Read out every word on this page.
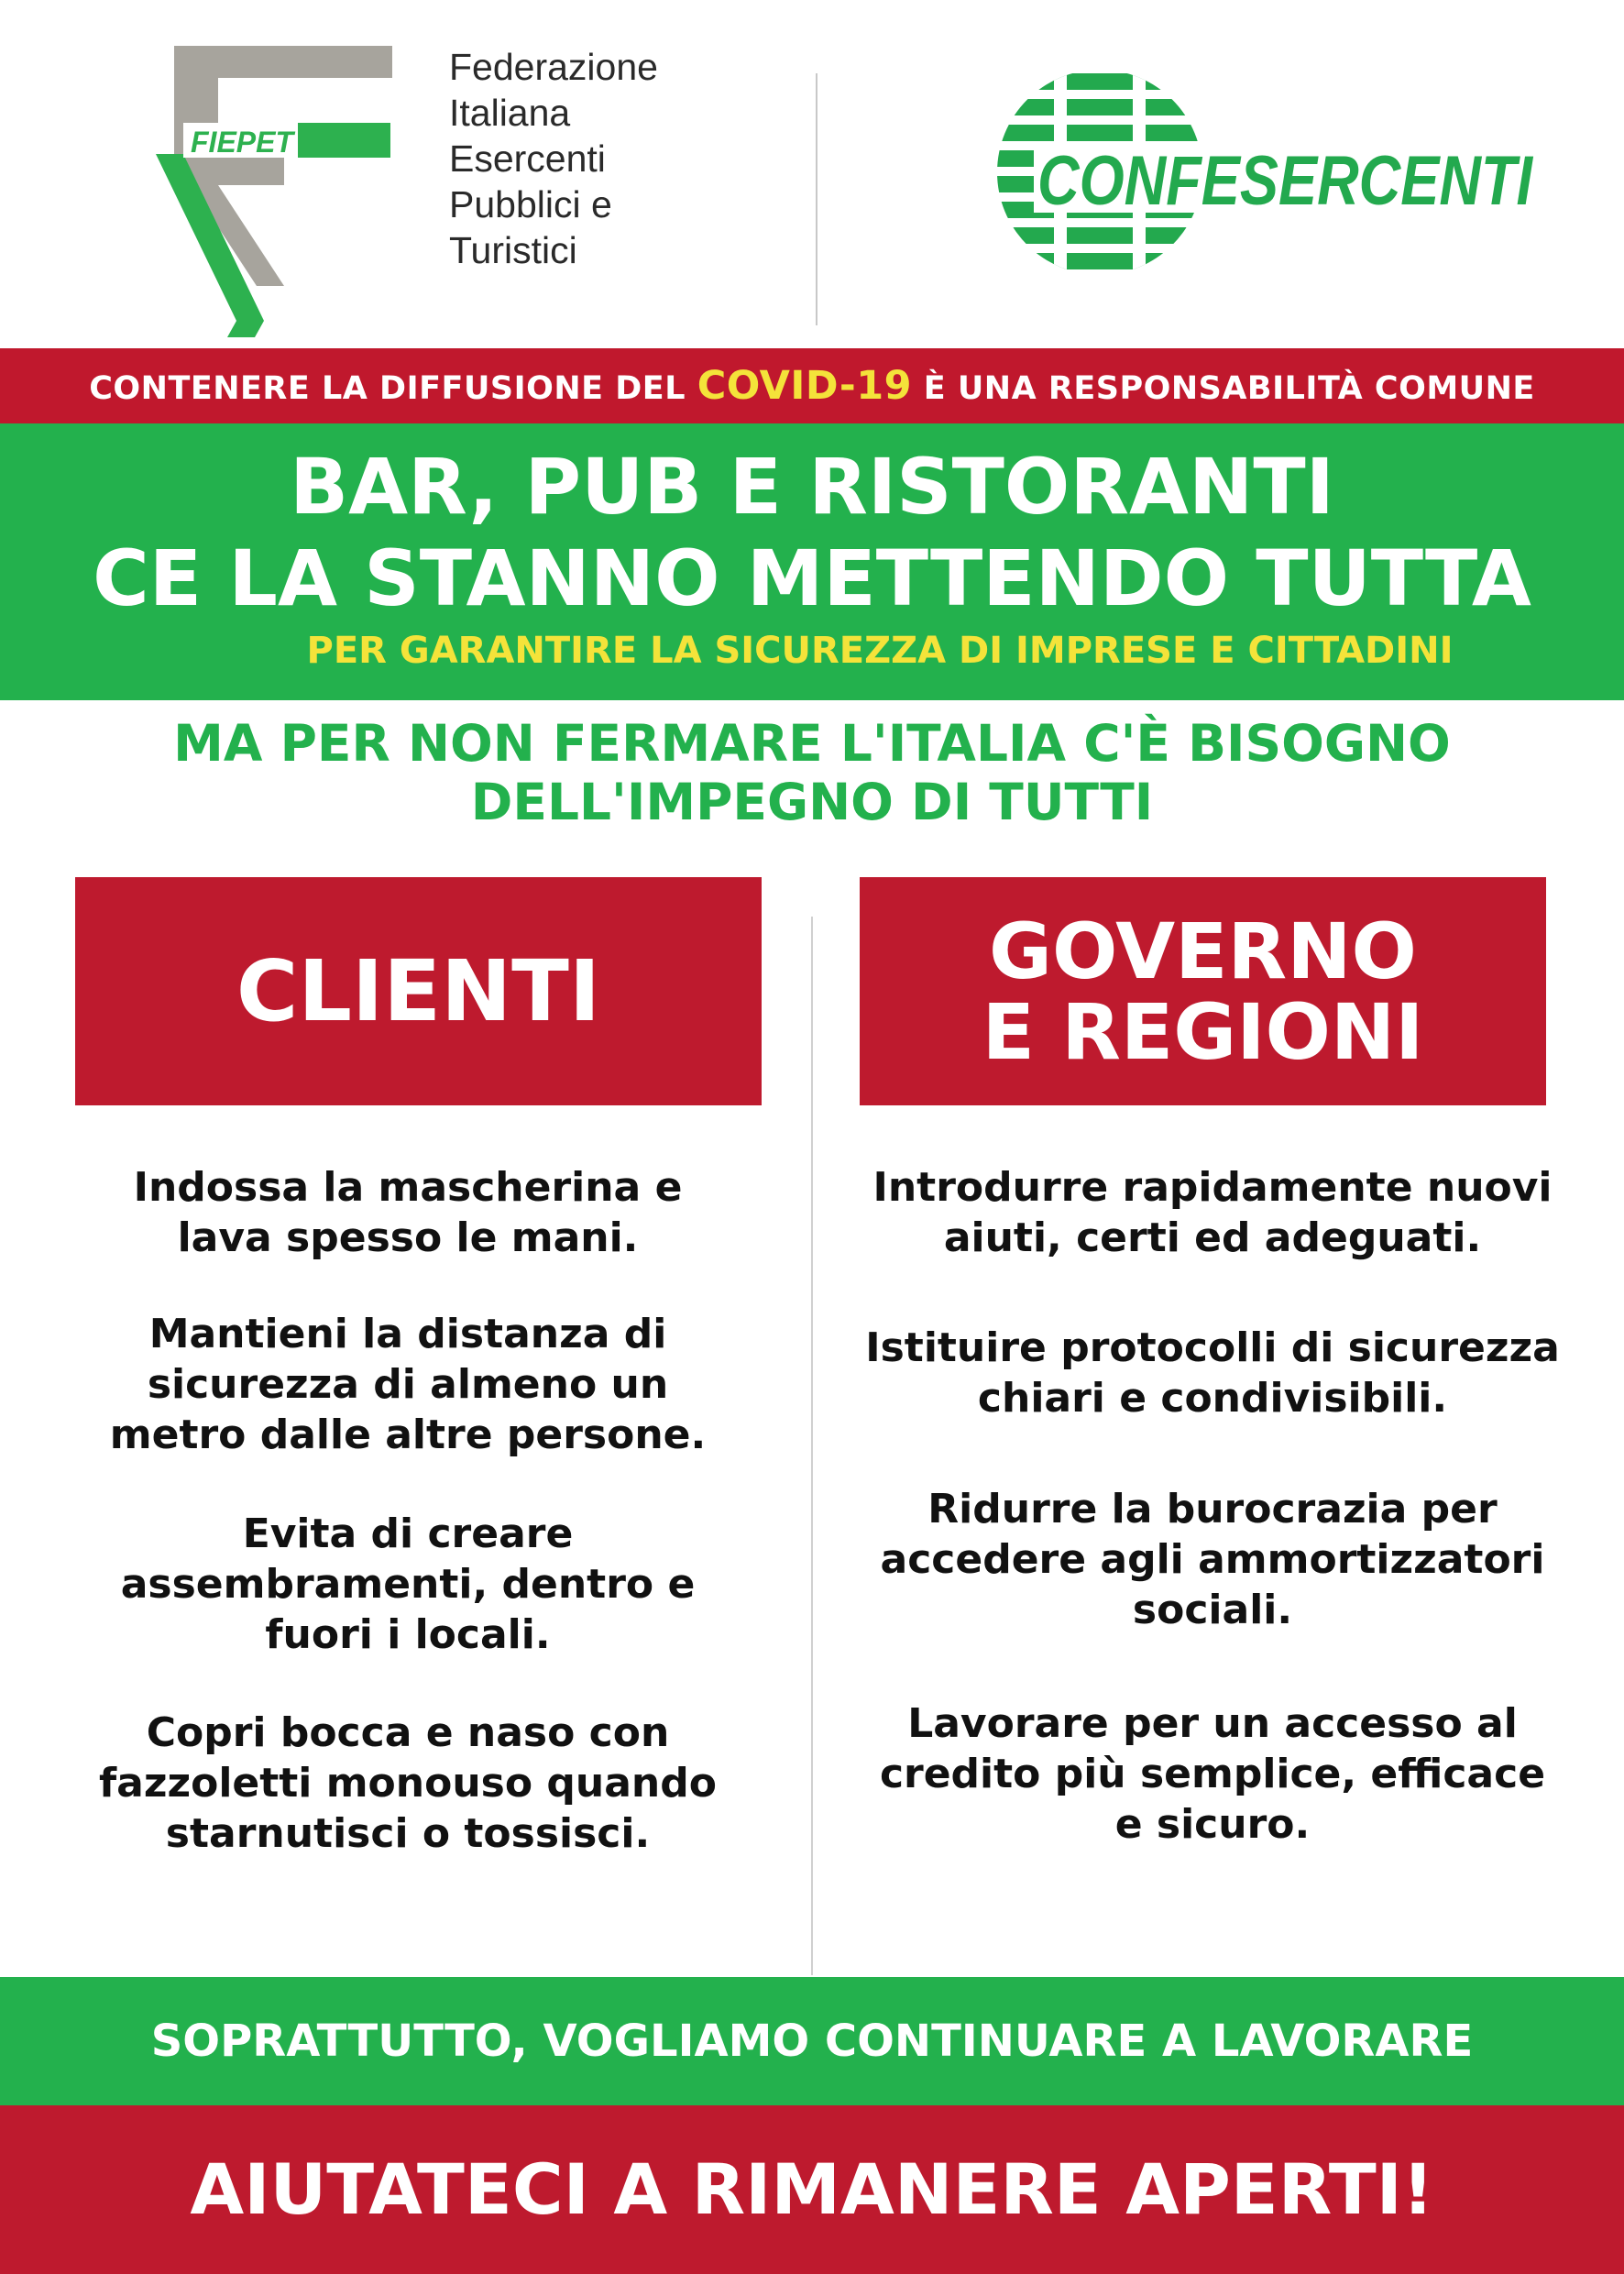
FIEPET
Federazione
Italiana
Esercenti
Pubblici e
Turistici
CONFESERCENTI
CONTENERE LA DIFFUSIONE DEL COVID-19 È UNA RESPONSABILITÀ COMUNE
BAR, PUB E RISTORANTI
CE LA STANNO METTENDO TUTTA
PER GARANTIRE LA SICUREZZA DI IMPRESE E CITTADINI
MA PER NON FERMARE L'ITALIA C'È BISOGNO
DELL'IMPEGNO DI TUTTI
CLIENTI	GOVERNO
E REGIONI
Indossa la mascherina e
lava spesso le mani.
Mantieni la distanza di
sicurezza di almeno un
metro dalle altre persone.
Evita di creare
assembramenti, dentro e
fuori i locali.
Copri bocca e naso con
fazzoletti monouso quando
starnutisci o tossisci.
Introdurre rapidamente nuovi
aiuti, certi ed adeguati.
Istituire protocolli di sicurezza
chiari e condivisibili.
Ridurre la burocrazia per
accedere agli ammortizzatori
sociali.
Lavorare per un accesso al
credito più semplice, efficace
e sicuro.
SOPRATTUTTO, VOGLIAMO CONTINUARE A LAVORARE
AIUTATECI A RIMANERE APERTI!
